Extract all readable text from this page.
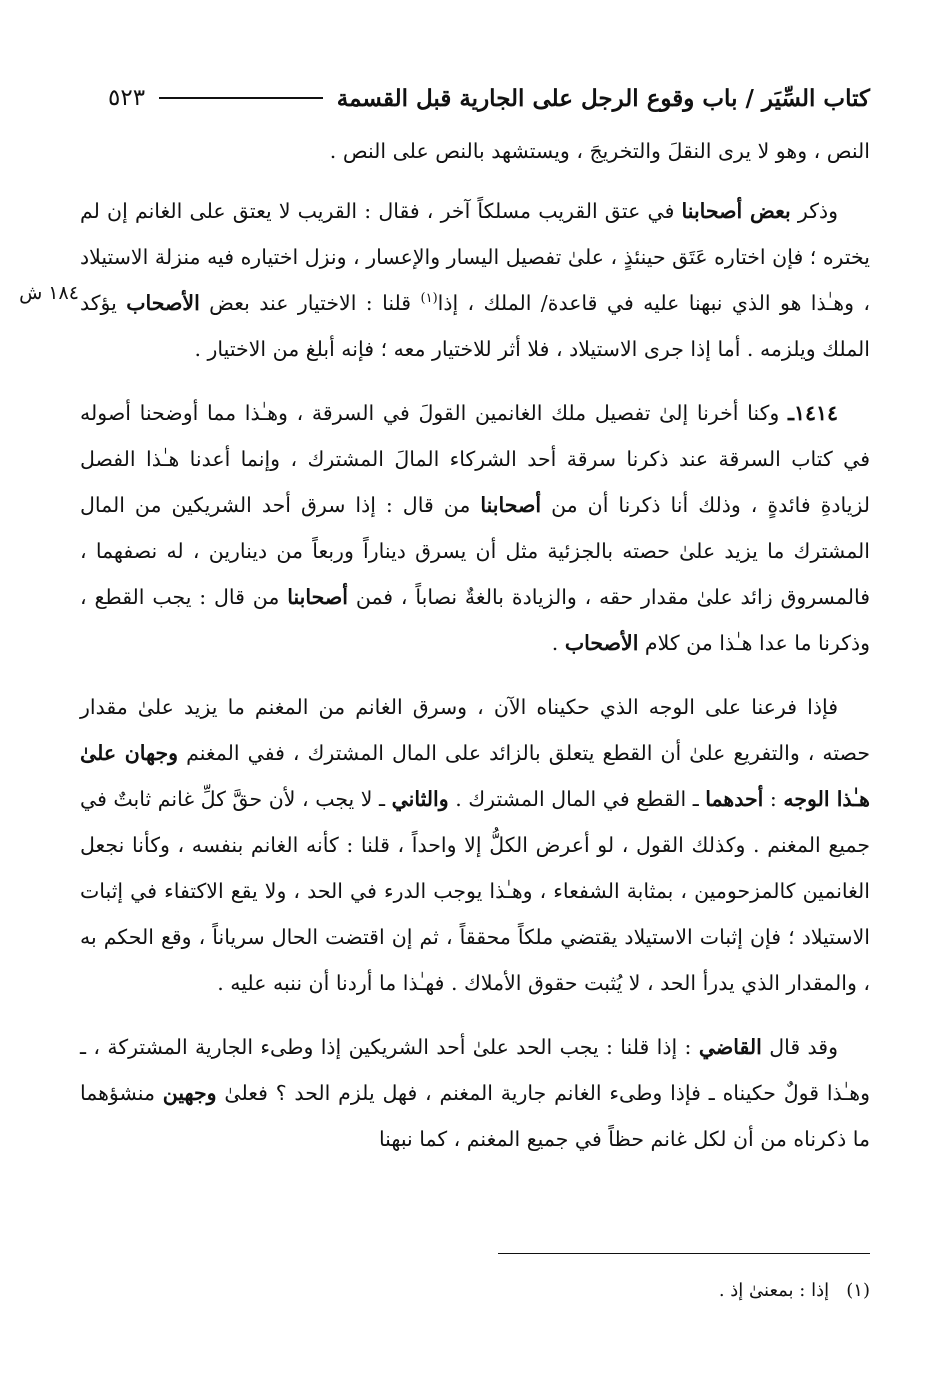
كتاب السِّيَر / باب وقوع الرجل على الجارية قبل القسمة
٥٢٣
١٨٤ ش

النص ، وهو لا يرى النقلَ والتخريجَ ، ويستشهد بالنص على النص .

وذكر بعض أصحابنا في عتق القريب مسلكاً آخر ، فقال : القريب لا يعتق على الغانم إن لم يختره ؛ فإن اختاره عَتَق حينئذٍ ، علىٰ تفصيل اليسار والإعسار ، ونزل اختياره فيه منزلة الاستيلاد ، وهـٰذا هو الذي نبهنا عليه في قاعدة/ الملك ، إذا$^{(١)}$ قلنا : الاختيار عند بعض الأصحاب يؤكد الملك ويلزمه . أما إذا جرى الاستيلاد ، فلا أثر للاختيار معه ؛ فإنه أبلغ من الاختيار .

١٤١٤ـ وكنا أخرنا إلىٰ تفصيل ملك الغانمين القولَ في السرقة ، وهـٰذا مما أوضحنا أصوله في كتاب السرقة عند ذكرنا سرقة أحد الشركاء المالَ المشترك ، وإنما أعدنا هـٰذا الفصل لزيادةِ فائدةٍ ، وذلك أنا ذكرنا أن من أصحابنا من قال : إذا سرق أحد الشريكين من المال المشترك ما يزيد علىٰ حصته بالجزئية مثل أن يسرق ديناراً وربعاً من دينارين ، له نصفهما ، فالمسروق زائد علىٰ مقدار حقه ، والزيادة بالغةٌ نصاباً ، فمن أصحابنا من قال : يجب القطع ، وذكرنا ما عدا هـٰذا من كلام الأصحاب .

فإذا فرعنا على الوجه الذي حكيناه الآن ، وسرق الغانم من المغنم ما يزيد علىٰ مقدار حصته ، والتفريع علىٰ أن القطع يتعلق بالزائد على المال المشترك ، ففي المغنم وجهان علىٰ هـٰذا الوجه : أحدهما ـ القطع في المال المشترك . والثاني ـ لا يجب ، لأن حقَّ كلِّ غانم ثابتٌ في جميع المغنم . وكذلك القول ، لو أعرض الكلُّ إلا واحداً ، قلنا : كأنه الغانم بنفسه ، وكأنا نجعل الغانمين كالمزحومين ، بمثابة الشفعاء ، وهـٰذا يوجب الدرء في الحد ، ولا يقع الاكتفاء في إثبات الاستيلاد ؛ فإن إثبات الاستيلاد يقتضي ملكاً محققاً ، ثم إن اقتضت الحال سرياناً ، وقع الحكم به ، والمقدار الذي يدرأ الحد ، لا يُثبت حقوق الأملاك . فهـٰذا ما أردنا أن ننبه عليه .

وقد قال القاضي : إذا قلنا : يجب الحد علىٰ أحد الشريكين إذا وطىء الجارية المشتركة ، ـ وهـٰذا قولٌ حكيناه ـ فإذا وطىء الغانم جارية المغنم ، فهل يلزم الحد ؟ فعلىٰ وجهين منشؤهما ما ذكرناه من أن لكل غانم حظاً في جميع المغنم ، كما نبهنا

(١)   إذا : بمعنىٰ إذ .
